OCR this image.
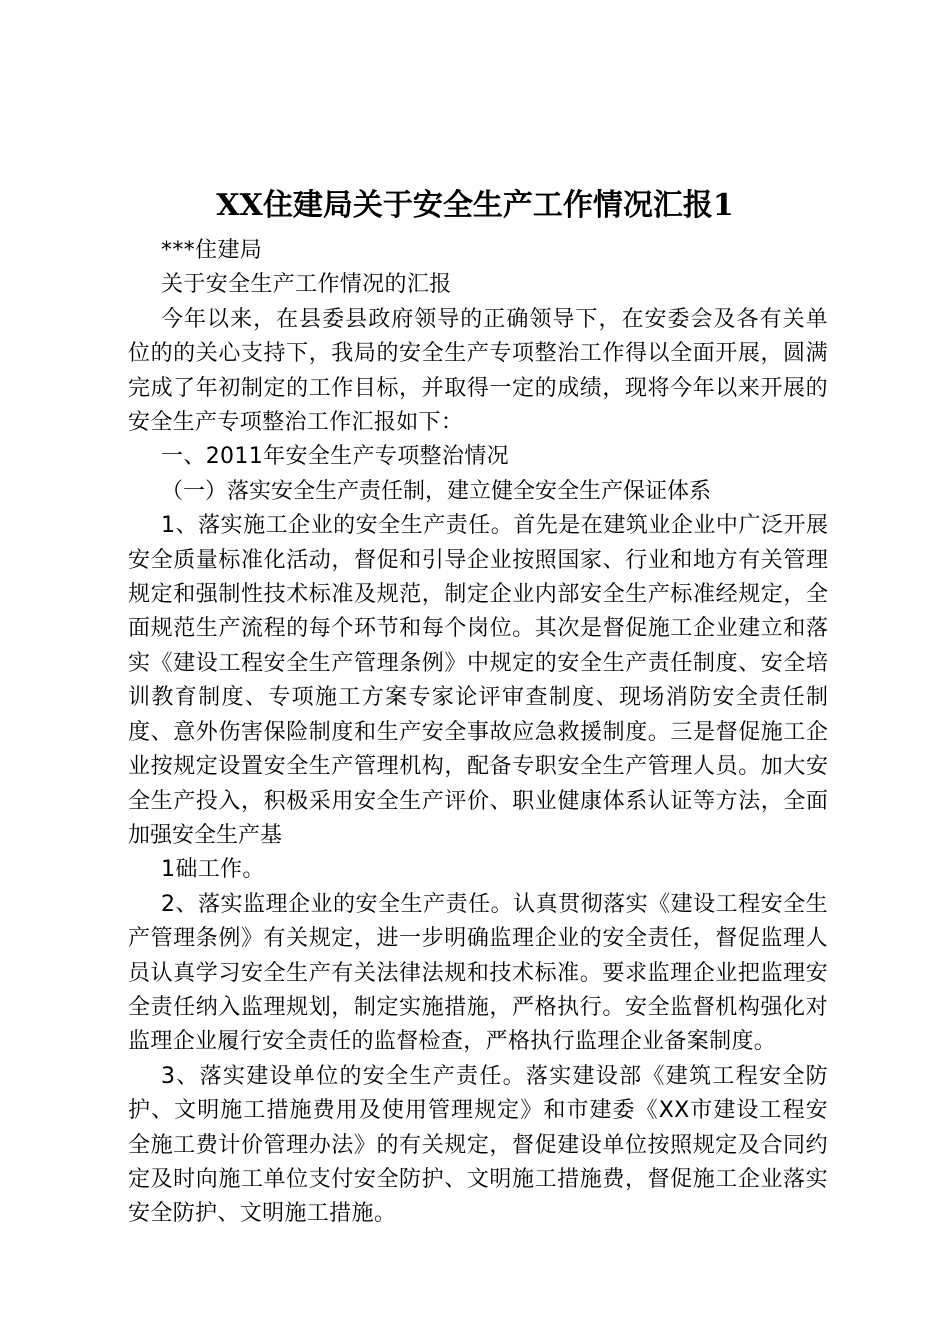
XX住建局关于安全生产工作情况汇报1

***住建局

关于安全生产工作情况的汇报

今年以来，在县委县政府领导的正确领导下，在安委会及各有关单位的的关心支持下，我局的安全生产专项整治工作得以全面开展，圆满完成了年初制定的工作目标，并取得一定的成绩，现将今年以来开展的安全生产专项整治工作汇报如下：

一、2011年安全生产专项整治情况

（一）落实安全生产责任制，建立健全安全生产保证体系

1、落实施工企业的安全生产责任。首先是在建筑业企业中广泛开展安全质量标准化活动，督促和引导企业按照国家、行业和地方有关管理规定和强制性技术标准及规范，制定企业内部安全生产标准经规定，全面规范生产流程的每个环节和每个岗位。其次是督促施工企业建立和落实《建设工程安全生产管理条例》中规定的安全生产责任制度、安全培训教育制度、专项施工方案专家论评审查制度、现场消防安全责任制度、意外伤害保险制度和生产安全事故应急救援制度。三是督促施工企业按规定设置安全生产管理机构，配备专职安全生产管理人员。加大安全生产投入，积极采用安全生产评价、职业健康体系认证等方法，全面加强安全生产基

1础工作。

2、落实监理企业的安全生产责任。认真贯彻落实《建设工程安全生产管理条例》有关规定，进一步明确监理企业的安全责任，督促监理人员认真学习安全生产有关法律法规和技术标准。要求监理企业把监理安全责任纳入监理规划，制定实施措施，严格执行。安全监督机构强化对监理企业履行安全责任的监督检查，严格执行监理企业备案制度。

3、落实建设单位的安全生产责任。落实建设部《建筑工程安全防护、文明施工措施费用及使用管理规定》和市建委《XX市建设工程安全施工费计价管理办法》的有关规定，督促建设单位按照规定及合同约定及时向施工单位支付安全防护、文明施工措施费，督促施工企业落实安全防护、文明施工措施。
